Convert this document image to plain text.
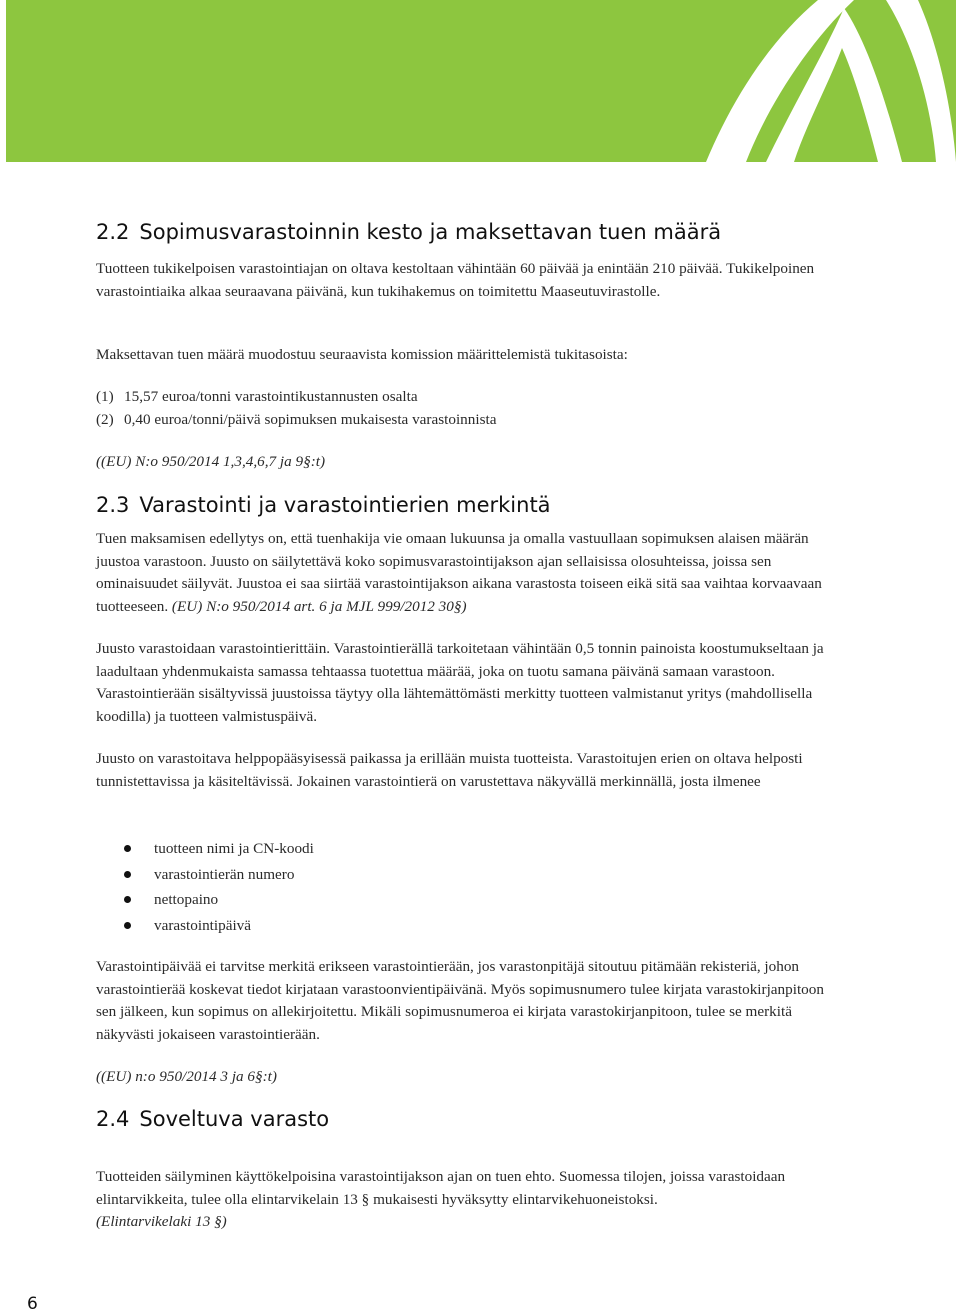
2.2 Sopimusvarastoinnin kesto ja maksettavan tuen määrä

Tuotteen tukikelpoisen varastointiajan on oltava kestoltaan vähintään 60 päivää ja enintään 210 päivää. Tukikelpoinen varastointiaika alkaa seuraavana päivänä, kun tukihakemus on toimitettu Maaseutuvirastolle.

Maksettavan tuen määrä muodostuu seuraavista komission määrittelemistä tukitasoista:

(1) 15,57 euroa/tonni varastointikustannusten osalta
(2) 0,40 euroa/tonni/päivä sopimuksen mukaisesta varastoinnista

((EU) N:o 950/2014 1,3,4,6,7 ja 9§:t)

2.3 Varastointi ja varastointierien merkintä

Tuen maksamisen edellytys on, että tuenhakija vie omaan lukuunsa ja omalla vastuullaan sopimuksen alaisen määrän juustoa varastoon. Juusto on säilytettävä koko sopimusvarastointijakson ajan sellaisissa olosuhteissa, joissa sen ominaisuudet säilyvät. Juustoa ei saa siirtää varastointijakson aikana varastosta toiseen eikä sitä saa vaihtaa korvaavaan tuotteeseen. (EU) N:o 950/2014 art. 6 ja MJL 999/2012 30§)

Juusto varastoidaan varastointierittäin. Varastointierällä tarkoitetaan vähintään 0,5 tonnin painoista koostumukseltaan ja laadultaan yhdenmukaista samassa tehtaassa tuotettua määrää, joka on tuotu samana päivänä samaan varastoon. Varastointierään sisältyvissä juustoissa täytyy olla lähtemättömästi merkitty tuotteen valmistanut yritys (mahdollisella koodilla) ja tuotteen valmistuspäivä.

Juusto on varastoitava helppopääsyisessä paikassa ja erillään muista tuotteista. Varastoitujen erien on oltava helposti tunnistettavissa ja käsiteltävissä. Jokainen varastointierä on varustettava näkyvällä merkinnällä, josta ilmenee

tuotteen nimi ja CN-koodi
varastointierän numero
nettopaino
varastointipäivä

Varastointipäivää ei tarvitse merkitä erikseen varastointierään, jos varastonpitäjä sitoutuu pitämään rekisteriä, johon varastointierää koskevat tiedot kirjataan varastoonvientipäivänä. Myös sopimusnumero tulee kirjata varastokirjanpitoon sen jälkeen, kun sopimus on allekirjoitettu. Mikäli sopimusnumeroa ei kirjata varastokirjanpitoon, tulee se merkitä näkyvästi jokaiseen varastointierään.

((EU) n:o 950/2014 3 ja 6§:t)

2.4 Soveltuva varasto

Tuotteiden säilyminen käyttökelpoisina varastointijakson ajan on tuen ehto. Suomessa tilojen, joissa varastoidaan elintarvikkeita, tulee olla elintarvikelain 13 § mukaisesti hyväksytty elintarvikehuoneistoksi.

(Elintarvikelaki 13 §)

6
